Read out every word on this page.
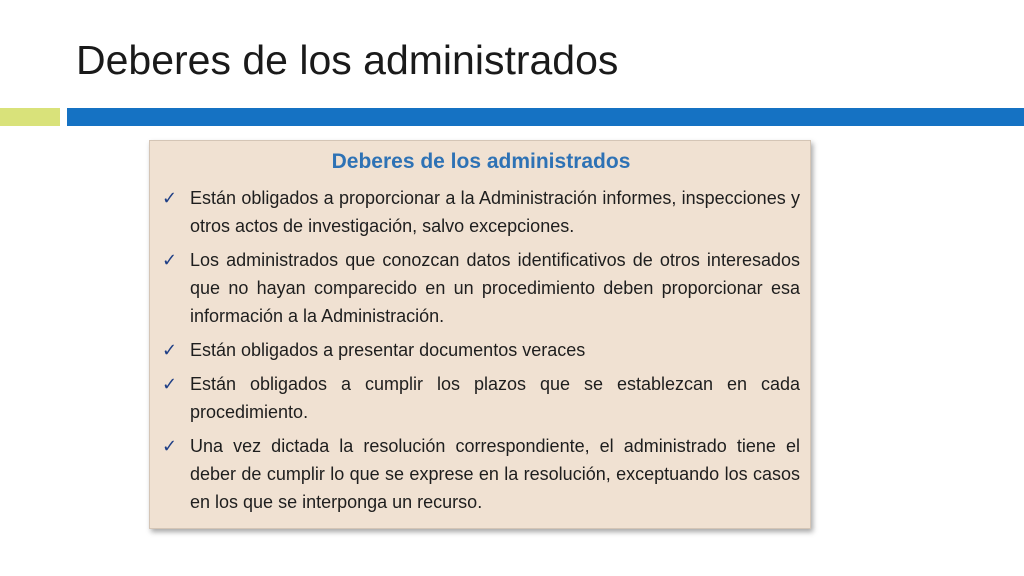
Deberes de los administrados
Deberes de los administrados
✓ Están obligados a proporcionar a la Administración informes, inspecciones y otros actos de investigación, salvo excepciones.
✓ Los administrados que conozcan datos identificativos de otros interesados que no hayan comparecido en un procedimiento deben proporcionar esa información a la Administración.
✓ Están obligados a presentar documentos veraces
✓ Están obligados a cumplir los plazos que se establezcan en cada procedimiento.
✓ Una vez dictada la resolución correspondiente, el administrado tiene el deber de cumplir lo que se exprese en la resolución, exceptuando los casos en los que se interponga un recurso.
